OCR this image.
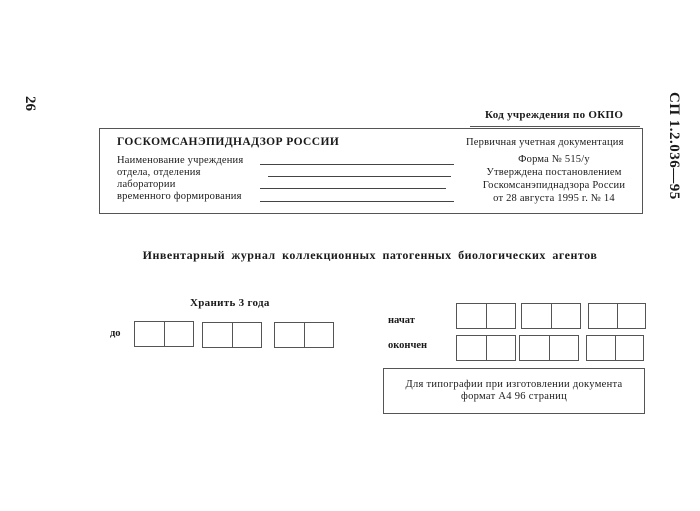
26	СП 1.2.036—95
Код учреждения по ОКПО
ГОСКОМСАНЭПИДНАДЗОР РОССИИ	Первичная учетная документация
Наименование учреждения
отдела, отделения
лаборатории
временного формирования
Форма № 515/у
Утверждена постановлением
Госкомсанэпиднадзора России
от 28 августа 1995 г. № 14
Инвентарный журнал коллекционных патогенных биологических агентов
Хранить 3 года
до
начат
окончен
Для типографии при изготовлении документа
формат А4 96 страниц
